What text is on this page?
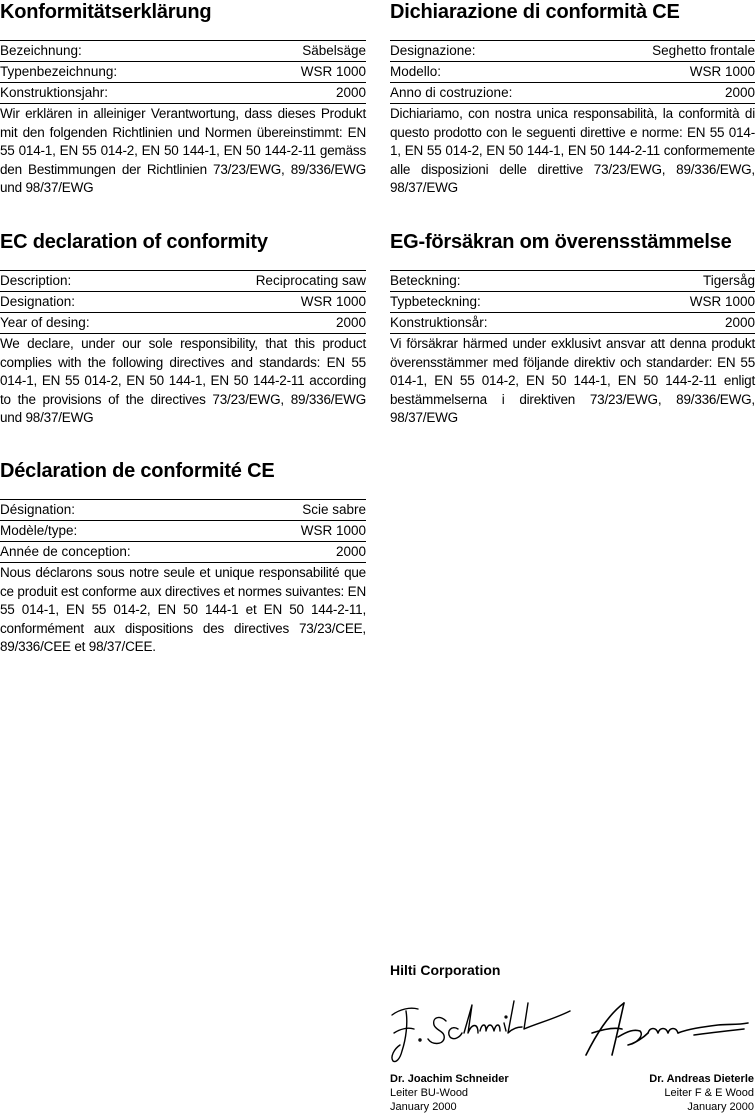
Konformitätserklärung
Bezeichnung:	Säbelsäge
Typenbezeichnung:	WSR 1000
Konstruktionsjahr:	2000

Wir erklären in alleiniger Verantwortung, dass dieses Produkt mit den folgenden Richtlinien und Normen übereinstimmt: EN 55 014-1, EN 55 014-2, EN 50 144-1, EN 50 144-2-11 gemäss den Bestimmungen der Richtlinien 73/23/EWG, 89/336/EWG und 98/37/EWG

EC declaration of conformity
Description:	Reciprocating saw
Designation:	WSR 1000
Year of desing:	2000

We declare, under our sole responsibility, that this product complies with the following directives and standards: EN 55 014-1, EN 55 014-2, EN 50 144-1, EN 50 144-2-11 according to the provisions of the directives 73/23/EWG, 89/336/EWG und 98/37/EWG

Déclaration de conformité CE
Désignation:	Scie sabre
Modèle/type:	WSR 1000
Année de conception:	2000

Nous déclarons sous notre seule et unique responsabilité que ce produit est conforme aux directives et normes suivantes: EN 55 014-1, EN 55 014-2, EN 50 144-1 et EN 50 144-2-11, conformément aux dispositions des directives 73/23/CEE, 89/336/CEE et 98/37/CEE.

Dichiarazione di conformità CE
Designazione:	Seghetto frontale
Modello:	WSR 1000
Anno di costruzione:	2000

Dichiariamo, con nostra unica responsabilità, la conformità di questo prodotto con le seguenti direttive e norme: EN 55 014-1, EN 55 014-2, EN 50 144-1, EN 50 144-2-11 conformemente alle disposizioni delle direttive 73/23/EWG, 89/336/EWG, 98/37/EWG

EG-försäkran om överensstämmelse
Beteckning:	Tigersåg
Typbeteckning:	WSR 1000
Konstruktionsår:	2000

Vi försäkrar härmed under exklusivt ansvar att denna produkt överensstämmer med följande direktiv och standarder: EN 55 014-1, EN 55 014-2, EN 50 144-1, EN 50 144-2-11 enligt bestämmelserna i direktiven 73/23/EWG, 89/336/EWG, 98/37/EWG

Hilti Corporation

Dr. Joachim Schneider
Leiter BU-Wood
January 2000
Dr. Andreas Dieterle
Leiter F & E Wood
January 2000
